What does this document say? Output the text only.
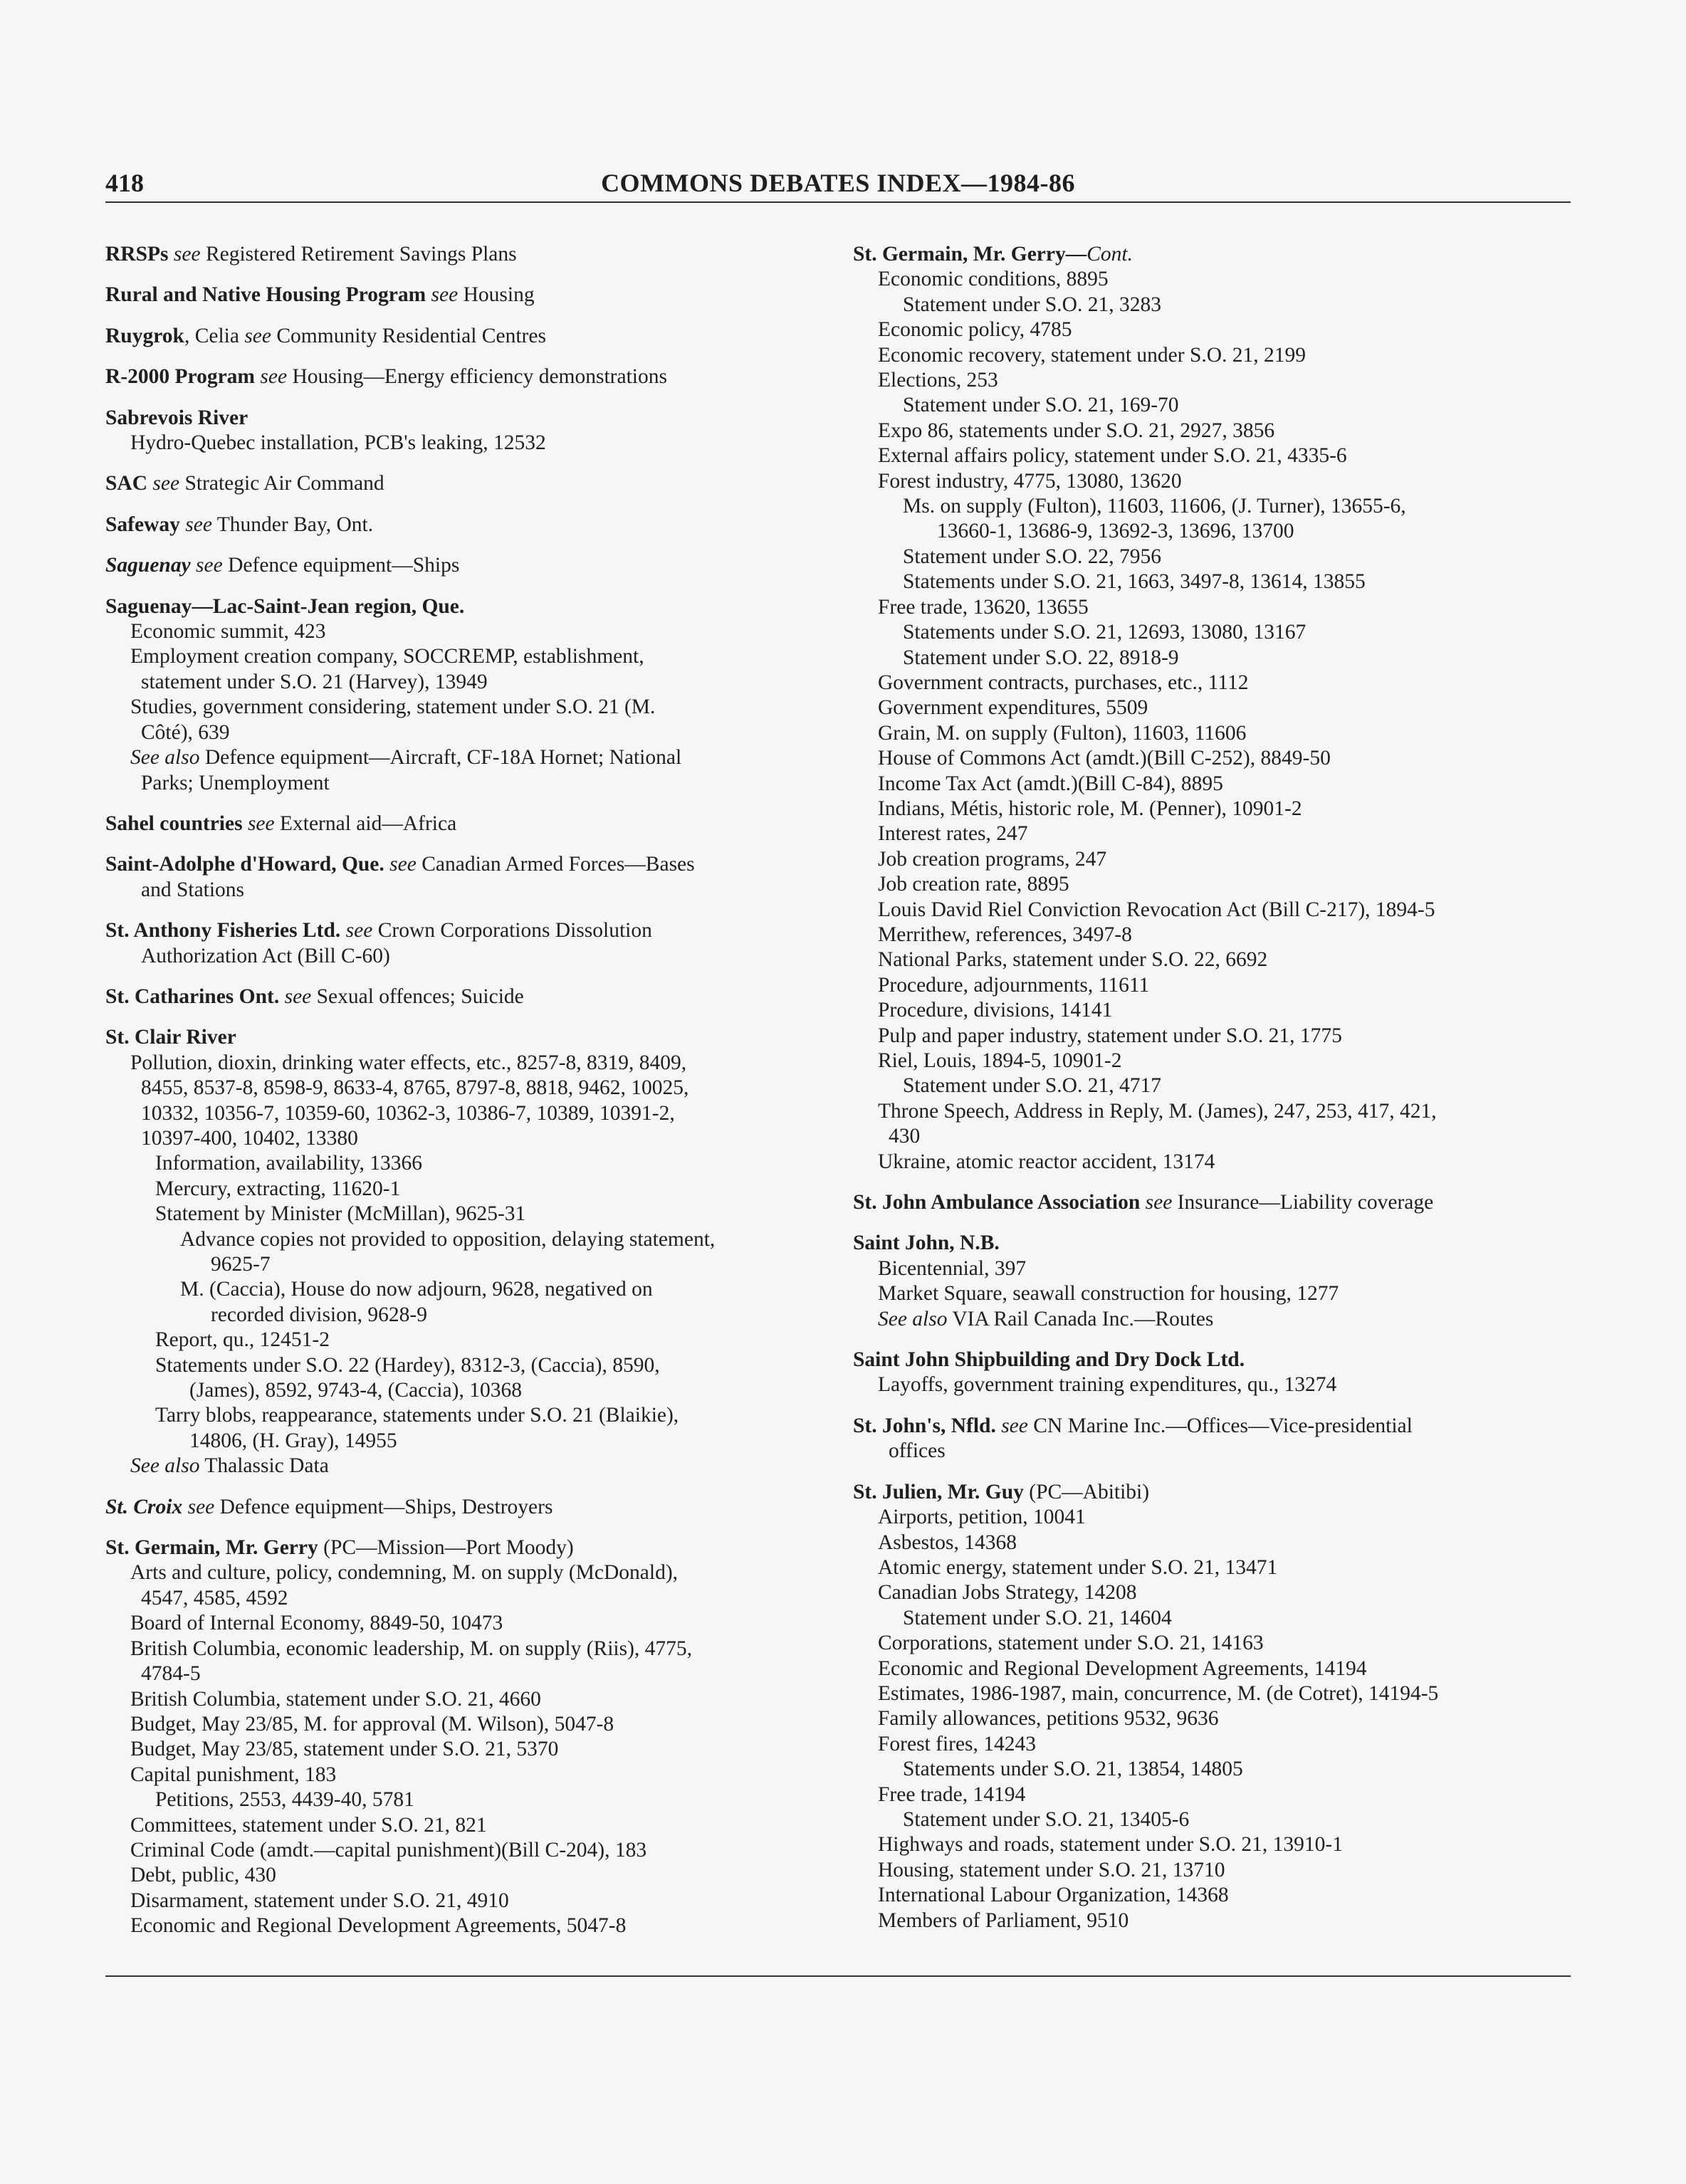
418	COMMONS DEBATES INDEX—1984-86
RRSPs see Registered Retirement Savings Plans
Rural and Native Housing Program see Housing
Ruygrok, Celia see Community Residential Centres
R-2000 Program see Housing—Energy efficiency demonstrations
Sabrevois River
Hydro-Quebec installation, PCB's leaking, 12532
SAC see Strategic Air Command
Safeway see Thunder Bay, Ont.
Saguenay see Defence equipment—Ships
Saguenay—Lac-Saint-Jean region, Que.
Economic summit, 423
Employment creation company, SOCCREMP, establishment,
statement under S.O. 21 (Harvey), 13949
Studies, government considering, statement under S.O. 21 (M.
Côté), 639
See also Defence equipment—Aircraft, CF-18A Hornet; National
Parks; Unemployment
Sahel countries see External aid—Africa
Saint-Adolphe d'Howard, Que. see Canadian Armed Forces—Bases
and Stations
St. Anthony Fisheries Ltd. see Crown Corporations Dissolution
Authorization Act (Bill C-60)
St. Catharines Ont. see Sexual offences; Suicide
St. Clair River
Pollution, dioxin, drinking water effects, etc., 8257-8, 8319, 8409,
8455, 8537-8, 8598-9, 8633-4, 8765, 8797-8, 8818, 9462, 10025,
10332, 10356-7, 10359-60, 10362-3, 10386-7, 10389, 10391-2,
10397-400, 10402, 13380
Information, availability, 13366
Mercury, extracting, 11620-1
Statement by Minister (McMillan), 9625-31
Advance copies not provided to opposition, delaying statement,
9625-7
M. (Caccia), House do now adjourn, 9628, negatived on
recorded division, 9628-9
Report, qu., 12451-2
Statements under S.O. 22 (Hardey), 8312-3, (Caccia), 8590,
(James), 8592, 9743-4, (Caccia), 10368
Tarry blobs, reappearance, statements under S.O. 21 (Blaikie),
14806, (H. Gray), 14955
See also Thalassic Data
St. Croix see Defence equipment—Ships, Destroyers
St. Germain, Mr. Gerry (PC—Mission—Port Moody)
Arts and culture, policy, condemning, M. on supply (McDonald),
4547, 4585, 4592
Board of Internal Economy, 8849-50, 10473
British Columbia, economic leadership, M. on supply (Riis), 4775,
4784-5
British Columbia, statement under S.O. 21, 4660
Budget, May 23/85, M. for approval (M. Wilson), 5047-8
Budget, May 23/85, statement under S.O. 21, 5370
Capital punishment, 183
Petitions, 2553, 4439-40, 5781
Committees, statement under S.O. 21, 821
Criminal Code (amdt.—capital punishment)(Bill C-204), 183
Debt, public, 430
Disarmament, statement under S.O. 21, 4910
Economic and Regional Development Agreements, 5047-8
St. Germain, Mr. Gerry—Cont.
Economic conditions, 8895
Statement under S.O. 21, 3283
Economic policy, 4785
Economic recovery, statement under S.O. 21, 2199
Elections, 253
Statement under S.O. 21, 169-70
Expo 86, statements under S.O. 21, 2927, 3856
External affairs policy, statement under S.O. 21, 4335-6
Forest industry, 4775, 13080, 13620
Ms. on supply (Fulton), 11603, 11606, (J. Turner), 13655-6,
13660-1, 13686-9, 13692-3, 13696, 13700
Statement under S.O. 22, 7956
Statements under S.O. 21, 1663, 3497-8, 13614, 13855
Free trade, 13620, 13655
Statements under S.O. 21, 12693, 13080, 13167
Statement under S.O. 22, 8918-9
Government contracts, purchases, etc., 1112
Government expenditures, 5509
Grain, M. on supply (Fulton), 11603, 11606
House of Commons Act (amdt.)(Bill C-252), 8849-50
Income Tax Act (amdt.)(Bill C-84), 8895
Indians, Métis, historic role, M. (Penner), 10901-2
Interest rates, 247
Job creation programs, 247
Job creation rate, 8895
Louis David Riel Conviction Revocation Act (Bill C-217), 1894-5
Merrithew, references, 3497-8
National Parks, statement under S.O. 22, 6692
Procedure, adjournments, 11611
Procedure, divisions, 14141
Pulp and paper industry, statement under S.O. 21, 1775
Riel, Louis, 1894-5, 10901-2
Statement under S.O. 21, 4717
Throne Speech, Address in Reply, M. (James), 247, 253, 417, 421,
430
Ukraine, atomic reactor accident, 13174
St. John Ambulance Association see Insurance—Liability coverage
Saint John, N.B.
Bicentennial, 397
Market Square, seawall construction for housing, 1277
See also VIA Rail Canada Inc.—Routes
Saint John Shipbuilding and Dry Dock Ltd.
Layoffs, government training expenditures, qu., 13274
St. John's, Nfld. see CN Marine Inc.—Offices—Vice-presidential
offices
St. Julien, Mr. Guy (PC—Abitibi)
Airports, petition, 10041
Asbestos, 14368
Atomic energy, statement under S.O. 21, 13471
Canadian Jobs Strategy, 14208
Statement under S.O. 21, 14604
Corporations, statement under S.O. 21, 14163
Economic and Regional Development Agreements, 14194
Estimates, 1986-1987, main, concurrence, M. (de Cotret), 14194-5
Family allowances, petitions 9532, 9636
Forest fires, 14243
Statements under S.O. 21, 13854, 14805
Free trade, 14194
Statement under S.O. 21, 13405-6
Highways and roads, statement under S.O. 21, 13910-1
Housing, statement under S.O. 21, 13710
International Labour Organization, 14368
Members of Parliament, 9510
